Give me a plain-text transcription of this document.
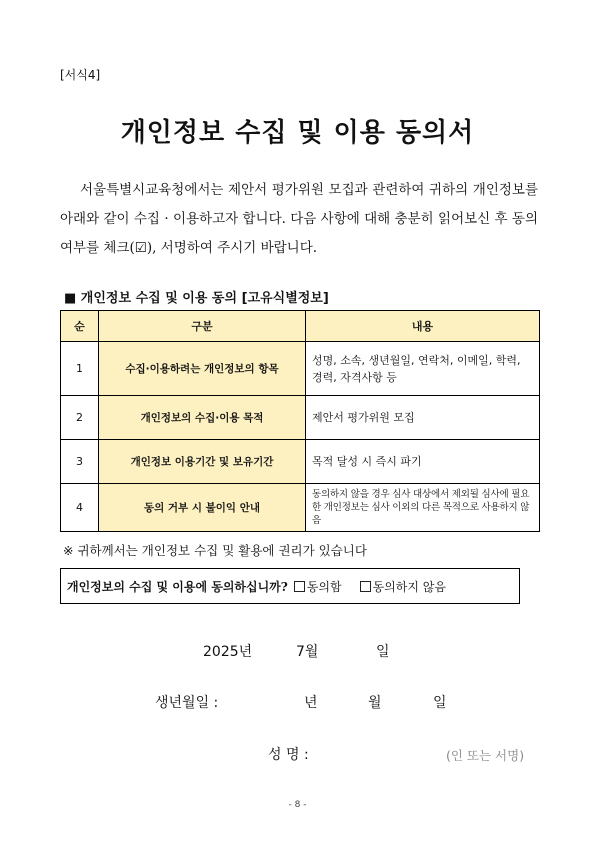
[서식4]
개인정보 수집 및 이용 동의서

서울특별시교육청에서는 제안서 평가위원 모집과 관련하여 귀하의 개인정보를 아래와 같이 수집 · 이용하고자 합니다. 다음 사항에 대해 충분히 읽어보신 후 동의 여부를 체크(☑), 서명하여 주시기 바랍니다.

■ 개인정보 수집 및 이용 동의 [고유식별정보]
순	구분	내용
1	수집·이용하려는 개인정보의 항목	성명, 소속, 생년월일, 연락처, 이메일, 학력, 경력, 자격사항 등
2	개인정보의 수집·이용 목적	제안서 평가위원 모집
3	개인정보 이용기간 및 보유기간	목적 달성 시 즉시 파기
4	동의 거부 시 불이익 안내	동의하지 않을 경우 심사 대상에서 제외될 심사에 필요한 개인정보는 심사 이외의 다른 목적으로 사용하지 않음
※ 귀하께서는 개인정보 수집 및 활용에 권리가 있습니다
개인정보의 수집 및 이용에 동의하십니까?	동의함	동의하지 않음
2025년	7월	일
생년월일 :	년	월	일
성 명 :	(인 또는 서명)
- 8 -
